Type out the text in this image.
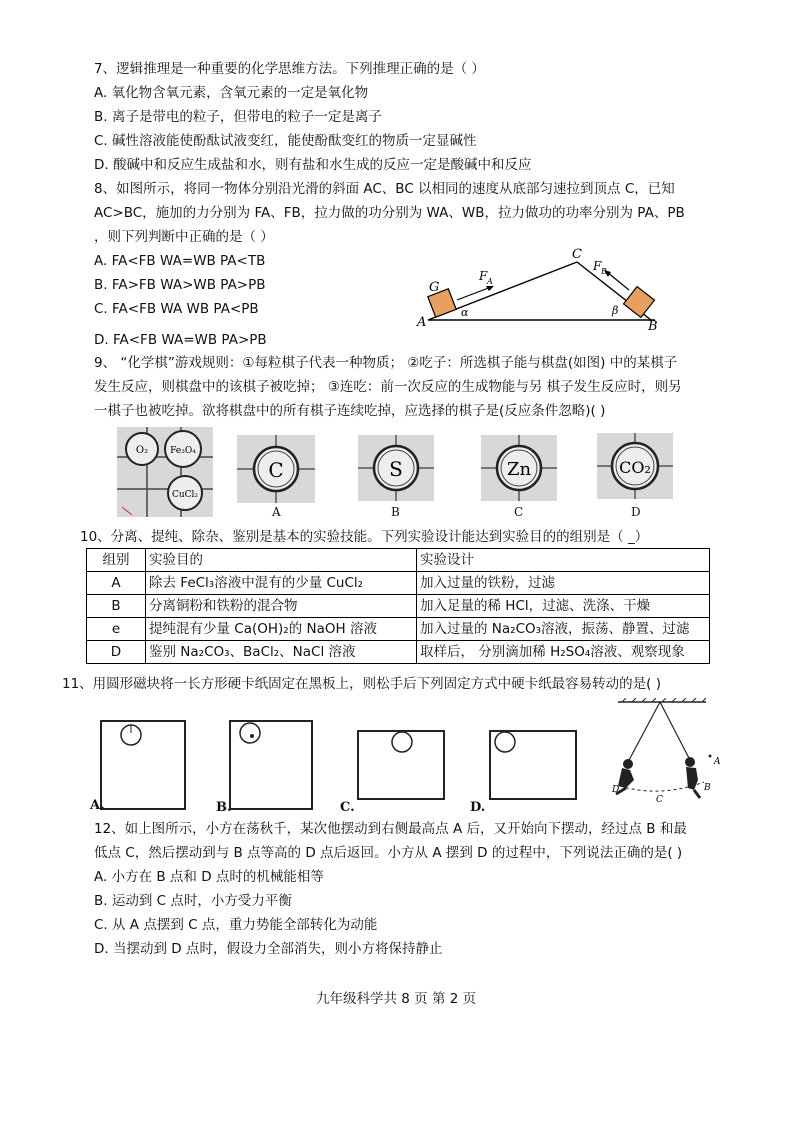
7、逻辑推理是一种重要的化学思维方法。下列推理正确的是（ ）
A. 氧化物含氧元素，含氧元素的一定是氧化物
B. 离子是带电的粒子，但带电的粒子一定是离子
C. 碱性溶液能使酚酞试液变红，能使酚酞变红的物质一定显碱性
D. 酸碱中和反应生成盐和水，则有盐和水生成的反应一定是酸碱中和反应
8、如图所示，将同一物体分别沿光滑的斜面 AC、BC 以相同的速度从底部匀速拉到顶点 C，已知
AC>BC，施加的力分别为 FA、FB，拉力做的功分别为 WA、WB，拉力做功的功率分别为 PA、PB
，则下列判断中正确的是（ ）
A. FA<FB WA=WB PA<TB
B. FA>FB WA>WB PA>PB
C. FA<FB WA WB PA<PB
D. FA<FB WA=WB PA>PB
G
F A
F B
C
A	B
α	β
9、 “化学棋”游戏规则：①每粒棋子代表一种物质； ②吃子：所选棋子能与棋盘(如图) 中的某棋子
发生反应，则棋盘中的该棋子被吃掉； ③连吃：前一次反应的生成物能与另 棋子发生反应时，则另
一棋子也被吃掉。欲将棋盘中的所有棋子连续吃掉，应选择的棋子是(反应条件忽略)( )
O₂ Fe₃O₄
CuCl₂
C
A
S
B
Zn
C
CO₂
D
10、分离、提纯、除杂、鉴别是基本的实验技能。下列实验设计能达到实验目的的组别是（ _）
组别	实验目的	实验设计
A	除去 FeCl₃溶液中混有的少量 CuCl₂	加入过量的铁粉，过滤
B	分离铜粉和铁粉的混合物	加入足量的稀 HCl，过滤、洗涤、干燥
e	提纯混有少量 Ca(OH)₂的 NaOH 溶液	加入过量的 Na₂CO₃溶液，振荡、静置、过滤
D	鉴别 Na₂CO₃、BaCl₂、NaCl 溶液	取样后， 分别滴加稀 H₂SO₄溶液、观察现象
11、用圆形磁块将一长方形硬卡纸固定在黑板上，则松手后下列固定方式中硬卡纸最容易转动的是( )
A.	B.	C.	D.
D
A
C
B
12、如上图所示，小方在荡秋千，某次他摆动到右侧最高点 A 后，又开始向下摆动，经过点 B 和最
低点 C，然后摆动到与 B 点等高的 D 点后返回。小方从 A 摆到 D 的过程中，下列说法正确的是( )
A. 小方在 B 点和 D 点时的机械能相等
B. 运动到 C 点时，小方受力平衡
C. 从 A 点摆到 C 点，重力势能全部转化为动能
D. 当摆动到 D 点时，假设力全部消失，则小方将保持静止
九年级科学共 8 页 第 2 页
